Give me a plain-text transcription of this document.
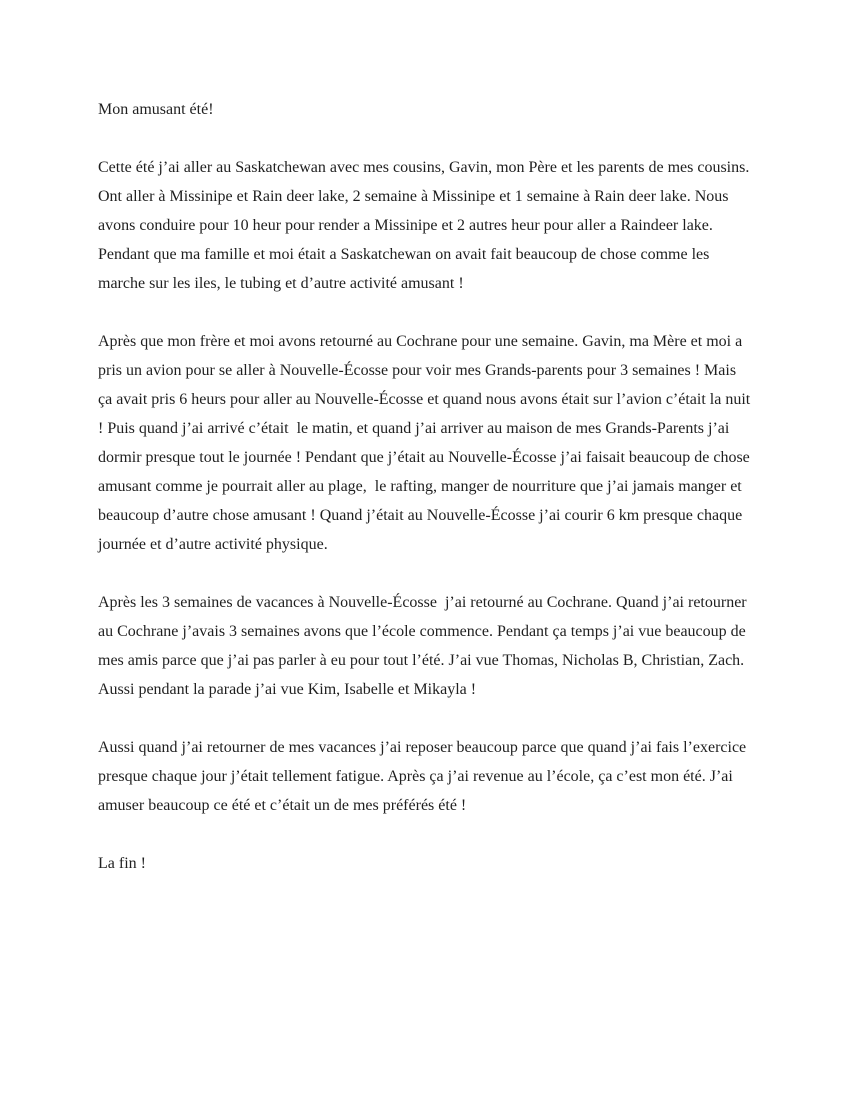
Mon amusant été!

Cette été j’ai aller au Saskatchewan avec mes cousins, Gavin, mon Père et les parents de mes cousins. Ont aller à Missinipe et Rain deer lake, 2 semaine à Missinipe et 1 semaine à Rain deer lake. Nous avons conduire pour 10 heur pour render a Missinipe et 2 autres heur pour aller a Raindeer lake. Pendant que ma famille et moi était a Saskatchewan on avait fait beaucoup de chose comme les marche sur les iles, le tubing et d’autre activité amusant !

Après que mon frère et moi avons retourné au Cochrane pour une semaine. Gavin, ma Mère et moi a pris un avion pour se aller à Nouvelle-Écosse pour voir mes Grands-parents pour 3 semaines ! Mais ça avait pris 6 heurs pour aller au Nouvelle-Écosse et quand nous avons était sur l’avion c’était la nuit ! Puis quand j’ai arrivé c’était  le matin, et quand j’ai arriver au maison de mes Grands-Parents j’ai dormir presque tout le journée ! Pendant que j’était au Nouvelle-Écosse j’ai faisait beaucoup de chose amusant comme je pourrait aller au plage,  le rafting, manger de nourriture que j’ai jamais manger et beaucoup d’autre chose amusant ! Quand j’était au Nouvelle-Écosse j’ai courir 6 km presque chaque journée et d’autre activité physique.

Après les 3 semaines de vacances à Nouvelle-Écosse  j’ai retourné au Cochrane. Quand j’ai retourner au Cochrane j’avais 3 semaines avons que l’école commence. Pendant ça temps j’ai vue beaucoup de mes amis parce que j’ai pas parler à eu pour tout l’été. J’ai vue Thomas, Nicholas B, Christian, Zach. Aussi pendant la parade j’ai vue Kim, Isabelle et Mikayla !

Aussi quand j’ai retourner de mes vacances j’ai reposer beaucoup parce que quand j’ai fais l’exercice presque chaque jour j’était tellement fatigue. Après ça j’ai revenue au l’école, ça c’est mon été. J’ai amuser beaucoup ce été et c’était un de mes préférés été !

La fin !
